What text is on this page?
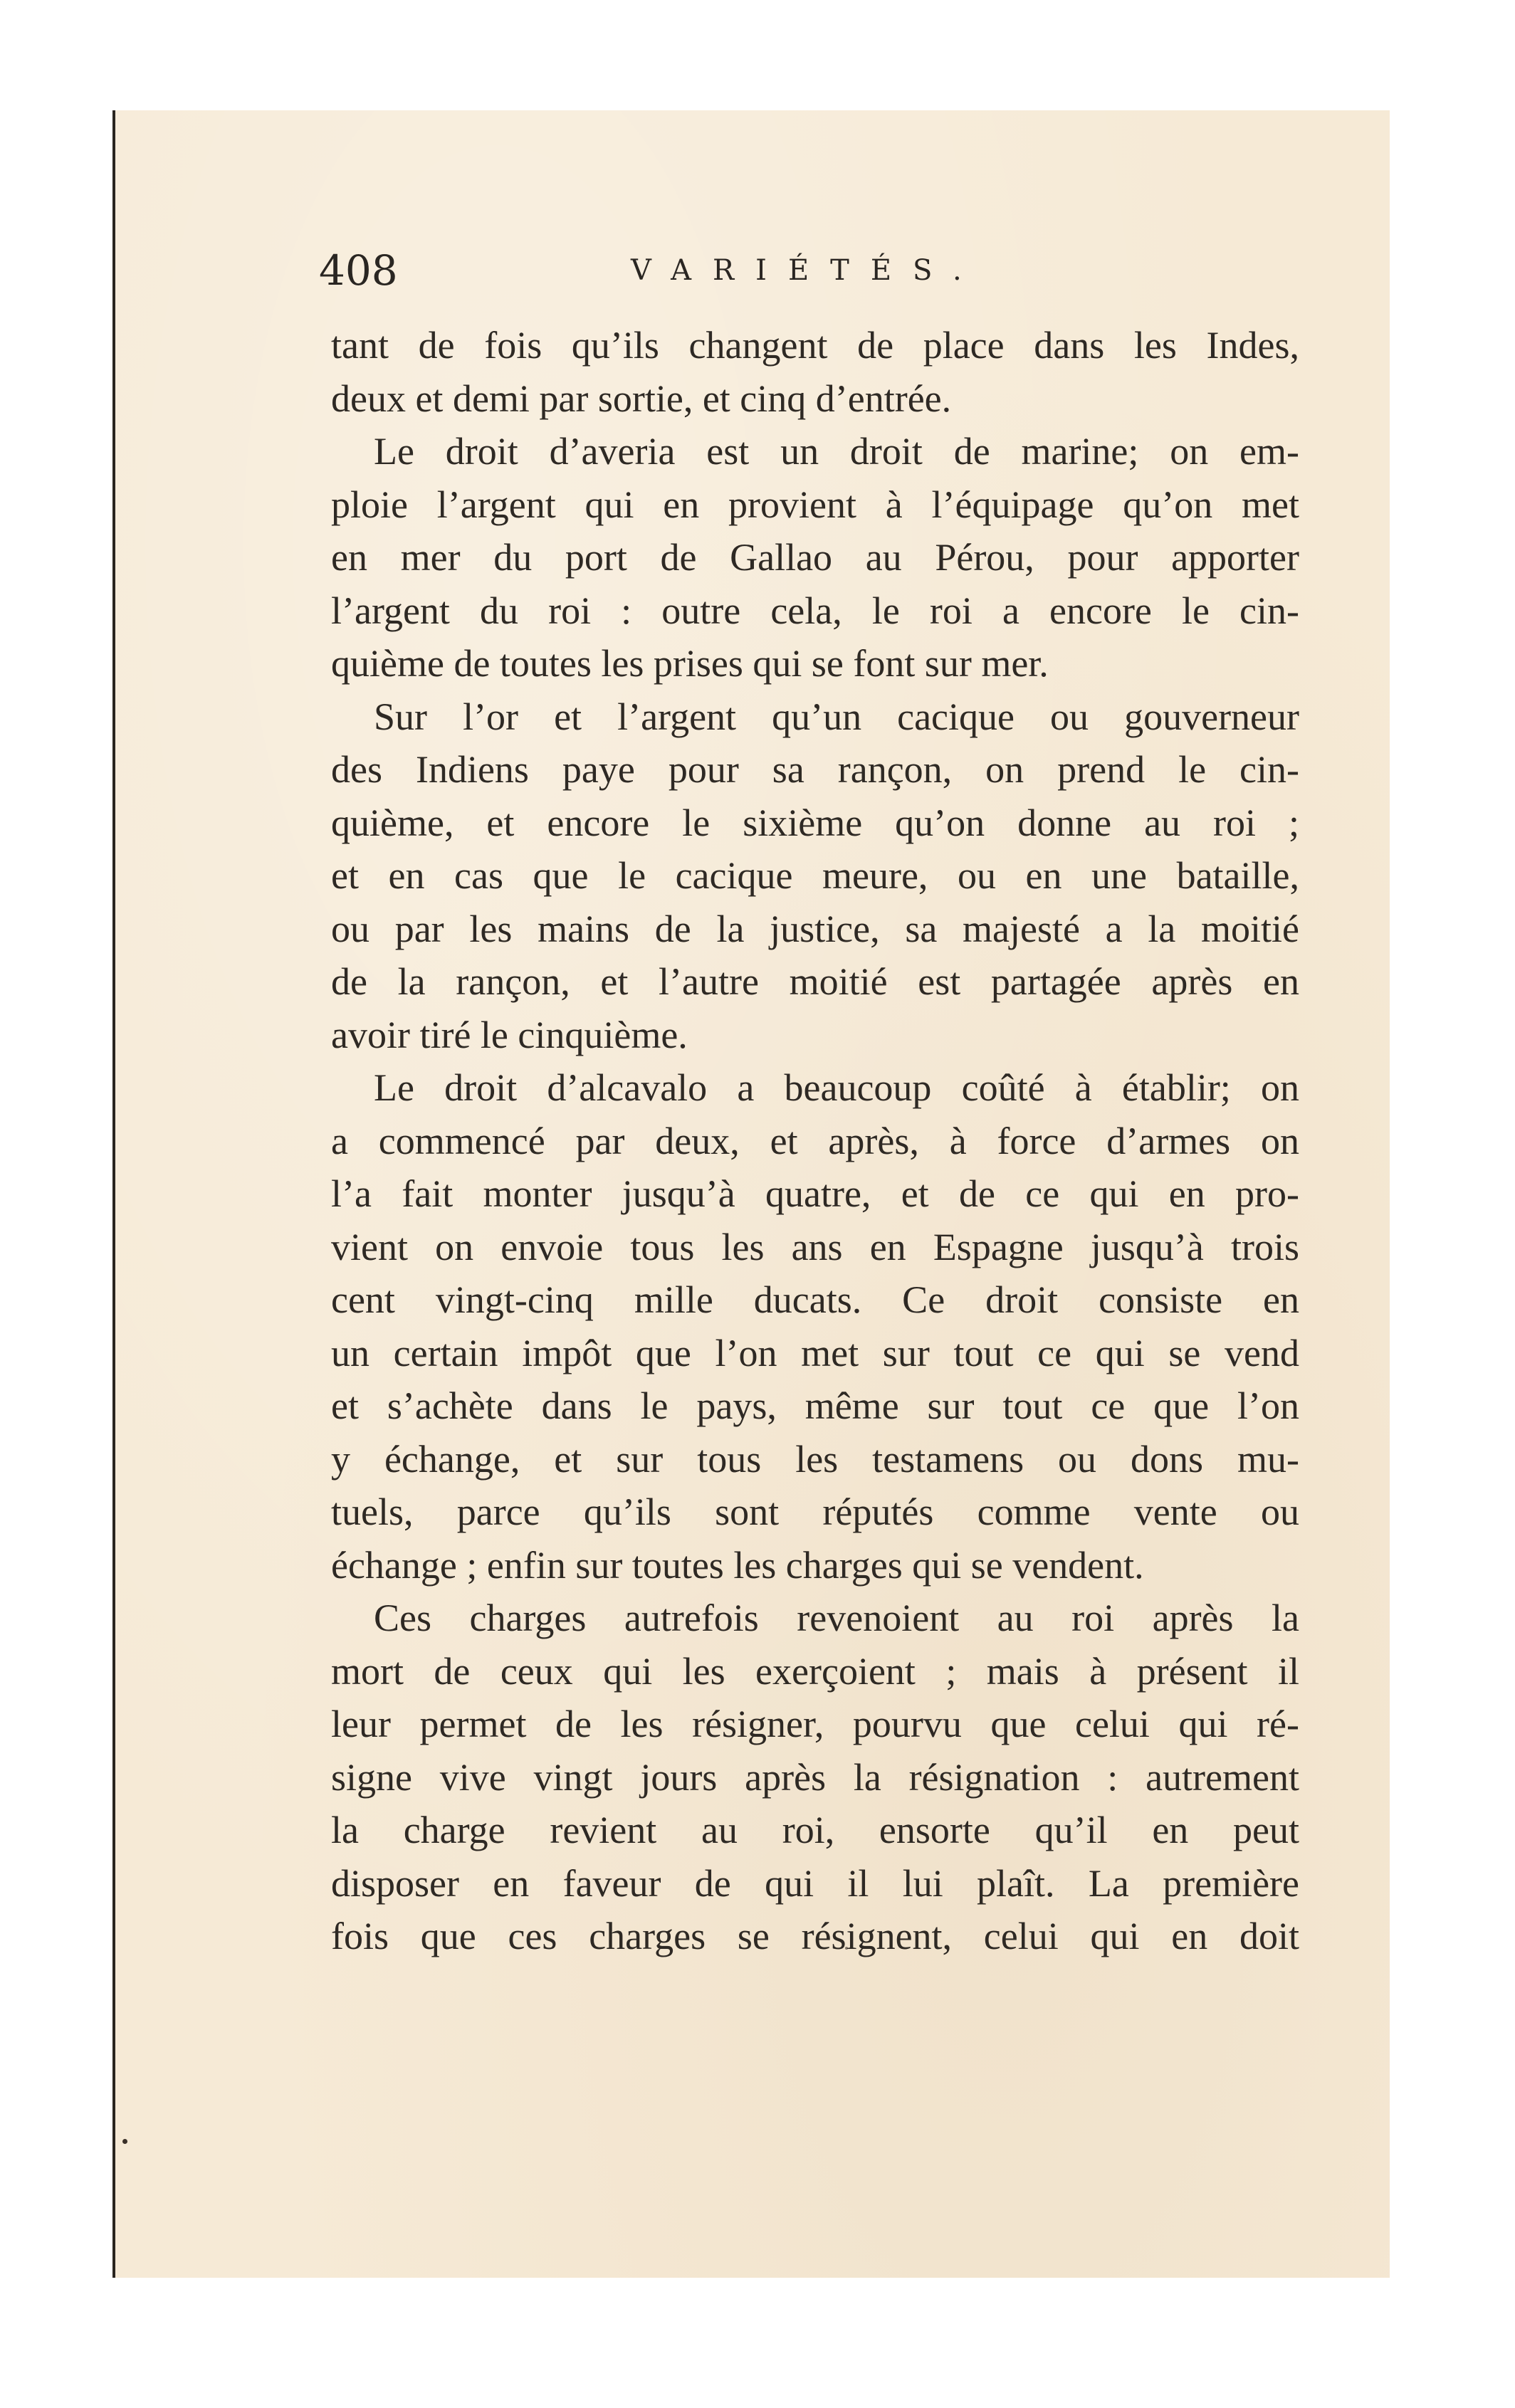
408	VARIÉTÉS.
tant de fois qu’ils changent de place dans les Indes,
deux et demi par sortie, et cinq d’entrée.
Le droit d’averia est un droit de marine; on em-
ploie l’argent qui en provient à l’équipage qu’on met
en mer du port de Gallao au Pérou, pour apporter
l’argent du roi : outre cela, le roi a encore le cin-
quième de toutes les prises qui se font sur mer.
Sur l’or et l’argent qu’un cacique ou gouverneur
des Indiens paye pour sa rançon, on prend le cin-
quième, et encore le sixième qu’on donne au roi ;
et en cas que le cacique meure, ou en une bataille,
ou par les mains de la justice, sa majesté a la moitié
de la rançon, et l’autre moitié est partagée après en
avoir tiré le cinquième.
Le droit d’alcavalo a beaucoup coûté à établir; on
a commencé par deux, et après, à force d’armes on
l’a fait monter jusqu’à quatre, et de ce qui en pro-
vient on envoie tous les ans en Espagne jusqu’à trois
cent vingt-cinq mille ducats. Ce droit consiste en
un certain impôt que l’on met sur tout ce qui se vend
et s’achète dans le pays, même sur tout ce que l’on
y échange, et sur tous les testamens ou dons mu-
tuels, parce qu’ils sont réputés comme vente ou
échange ; enfin sur toutes les charges qui se vendent.
Ces charges autrefois revenoient au roi après la
mort de ceux qui les exerçoient ; mais à présent il
leur permet de les résigner, pourvu que celui qui ré-
signe vive vingt jours après la résignation : autrement
la charge revient au roi, ensorte qu’il en peut
disposer en faveur de qui il lui plaît. La première
fois que ces charges se résignent, celui qui en doit
